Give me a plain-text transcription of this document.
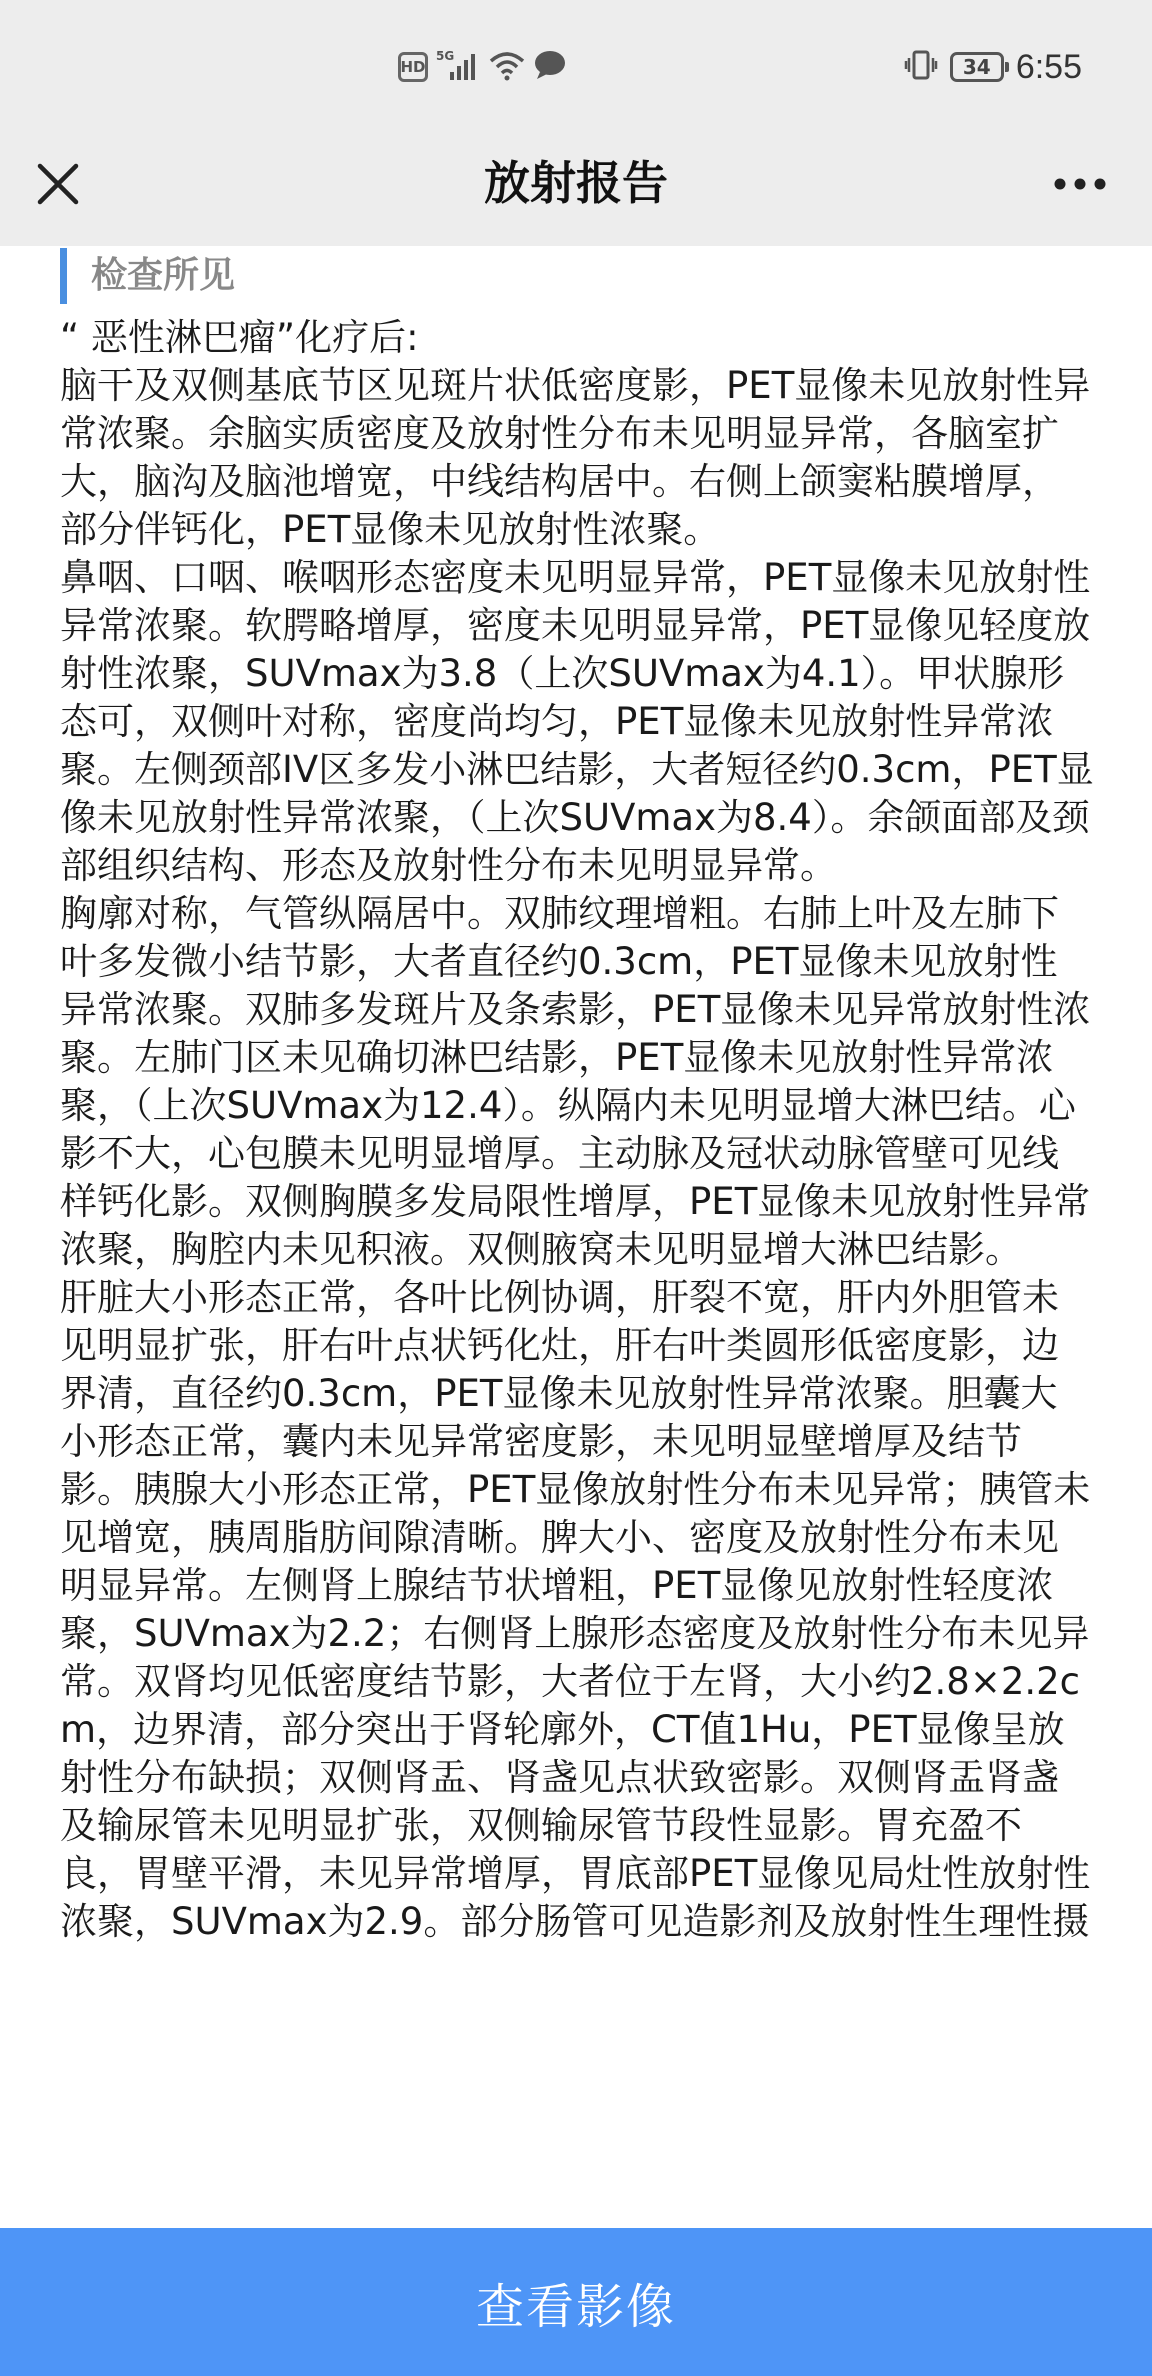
HD
5G	34 6:55
放射报告
检查所见

“ 恶性淋巴瘤”化疗后:

脑干及双侧基底节区见斑片状低密度影，PET显像未见放射性异常浓聚。余脑实质密度及放射性分布未见明显异常，各脑室扩大，脑沟及脑池增宽，中线结构居中。右侧上颌窦粘膜增厚，部分伴钙化，PET显像未见放射性浓聚。

鼻咽、口咽、喉咽形态密度未见明显异常，PET显像未见放射性异常浓聚。软腭略增厚，密度未见明显异常，PET显像见轻度放射性浓聚，SUVmax为3.8（上次SUVmax为4.1）。甲状腺形态可，双侧叶对称，密度尚均匀，PET显像未见放射性异常浓聚。左侧颈部IV区多发小淋巴结影，大者短径约0.3cm，PET显像未见放射性异常浓聚，（上次SUVmax为8.4）。余颌面部及颈部组织结构、形态及放射性分布未见明显异常。

胸廓对称，气管纵隔居中。双肺纹理增粗。右肺上叶及左肺下叶多发微小结节影，大者直径约0.3cm，PET显像未见放射性异常浓聚。双肺多发斑片及条索影，PET显像未见异常放射性浓聚。左肺门区未见确切淋巴结影，PET显像未见放射性异常浓聚，（上次SUVmax为12.4）。纵隔内未见明显增大淋巴结。心影不大，心包膜未见明显增厚。主动脉及冠状动脉管壁可见线样钙化影。双侧胸膜多发局限性增厚，PET显像未见放射性异常浓聚，胸腔内未见积液。双侧腋窝未见明显增大淋巴结影。

肝脏大小形态正常，各叶比例协调，肝裂不宽，肝内外胆管未见明显扩张，肝右叶点状钙化灶，肝右叶类圆形低密度影，边界清，直径约0.3cm，PET显像未见放射性异常浓聚。胆囊大小形态正常，囊内未见异常密度影，未见明显壁增厚及结节影。胰腺大小形态正常，PET显像放射性分布未见异常；胰管未见增宽，胰周脂肪间隙清晰。脾大小、密度及放射性分布未见明显异常。左侧肾上腺结节状增粗，PET显像见放射性轻度浓聚，SUVmax为2.2；右侧肾上腺形态密度及放射性分布未见异常。双肾均见低密度结节影，大者位于左肾，大小约2.8×2.2cm，边界清，部分突出于肾轮廓外，CT值1Hu，PET显像呈放射性分布缺损；双侧肾盂、肾盏见点状致密影。双侧肾盂肾盏及输尿管未见明显扩张，双侧输尿管节段性显影。胃充盈不良，胃壁平滑，未见异常增厚，胃底部PET显像见局灶性放射性浓聚，SUVmax为2.9。部分肠管可见造影剂及放射性生理性摄

查看影像
